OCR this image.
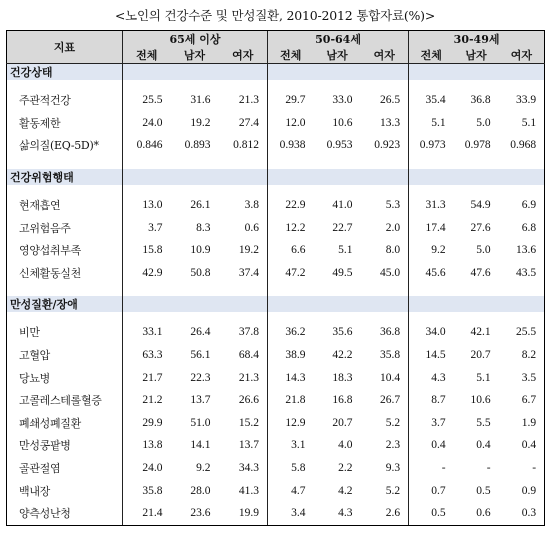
<노인의 건강수준 및 만성질환, 2010-2012 통합자료(%)>
지표	65세 이상			50-64세			30-49세		
	전체	남자	여자	전체	남자	여자	전체	남자	여자
건강상태									

주관적건강	25.5	31.6	21.3	29.7	33.0	26.5	35.4	36.8	33.9
활동제한	24.0	19.2	27.4	12.0	10.6	13.3	5.1	5.0	5.1
삶의질(EQ-5D)*	0.846	0.893	0.812	0.938	0.953	0.923	0.973	0.978	0.968

건강위험행태									

현재흡연	13.0	26.1	3.8	22.9	41.0	5.3	31.3	54.9	6.9
고위험음주	3.7	8.3	0.6	12.2	22.7	2.0	17.4	27.6	6.8
영양섭취부족	15.8	10.9	19.2	6.6	5.1	8.0	9.2	5.0	13.6
신체활동실천	42.9	50.8	37.4	47.2	49.5	45.0	45.6	47.6	43.5

만성질환/장애									

비만	33.1	26.4	37.8	36.2	35.6	36.8	34.0	42.1	25.5
고혈압	63.3	56.1	68.4	38.9	42.2	35.8	14.5	20.7	8.2
당뇨병	21.7	22.3	21.3	14.3	18.3	10.4	4.3	5.1	3.5
고콜레스테롤혈증	21.2	13.7	26.6	21.8	16.8	26.7	8.7	10.6	6.7
폐쇄성폐질환	29.9	51.0	15.2	12.9	20.7	5.2	3.7	5.5	1.9
만성콩팥병	13.8	14.1	13.7	3.1	4.0	2.3	0.4	0.4	0.4
골관절염	24.0	9.2	34.3	5.8	2.2	9.3	-	-	-
백내장	35.8	28.0	41.3	4.7	4.2	5.2	0.7	0.5	0.9
양측성난청	21.4	23.6	19.9	3.4	4.3	2.6	0.5	0.6	0.3
